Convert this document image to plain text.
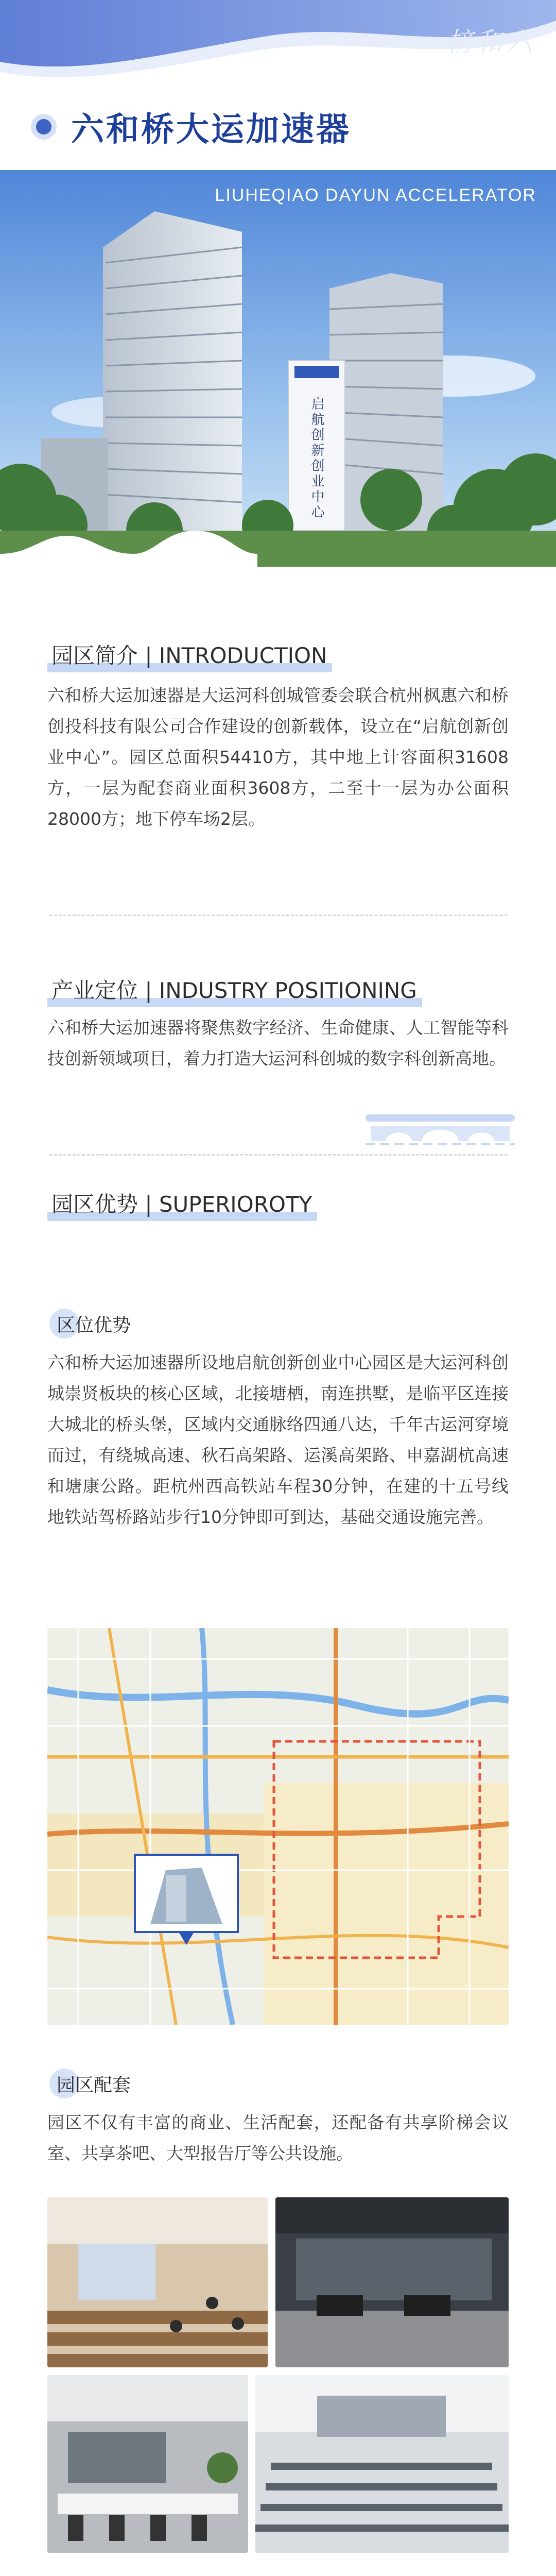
榜和六
六和桥大运加速器
启航创新创业中心
LIUHEQIAO DAYUN ACCELERATOR
园区简介 | INTRODUCTION
六和桥大运加速器是大运河科创城管委会联合杭州枫惠六和桥创投科技有限公司合作建设的创新载体，设立在“启航创新创业中心”。园区总面积54410方，其中地上计容面积31608方，一层为配套商业面积3608方，二至十一层为办公面积28000方；地下停车场2层。
产业定位 | INDUSTRY POSITIONING
六和桥大运加速器将聚焦数字经济、生命健康、人工智能等科技创新领域项目，着力打造大运河科创城的数字科创新高地。
园区优势 | SUPERIOROTY
区位优势
六和桥大运加速器所设地启航创新创业中心园区是大运河科创城崇贤板块的核心区域，北接塘栖，南连拱墅，是临平区连接大城北的桥头堡，区域内交通脉络四通八达，千年古运河穿境而过，有绕城高速、秋石高架路、运溪高架路、申嘉湖杭高速和塘康公路。距杭州西高铁站车程30分钟，在建的十五号线地铁站驾桥路站步行10分钟即可到达，基础交通设施完善。
园区配套
园区不仅有丰富的商业、生活配套，还配备有共享阶梯会议室、共享茶吧、大型报告厅等公共设施。
